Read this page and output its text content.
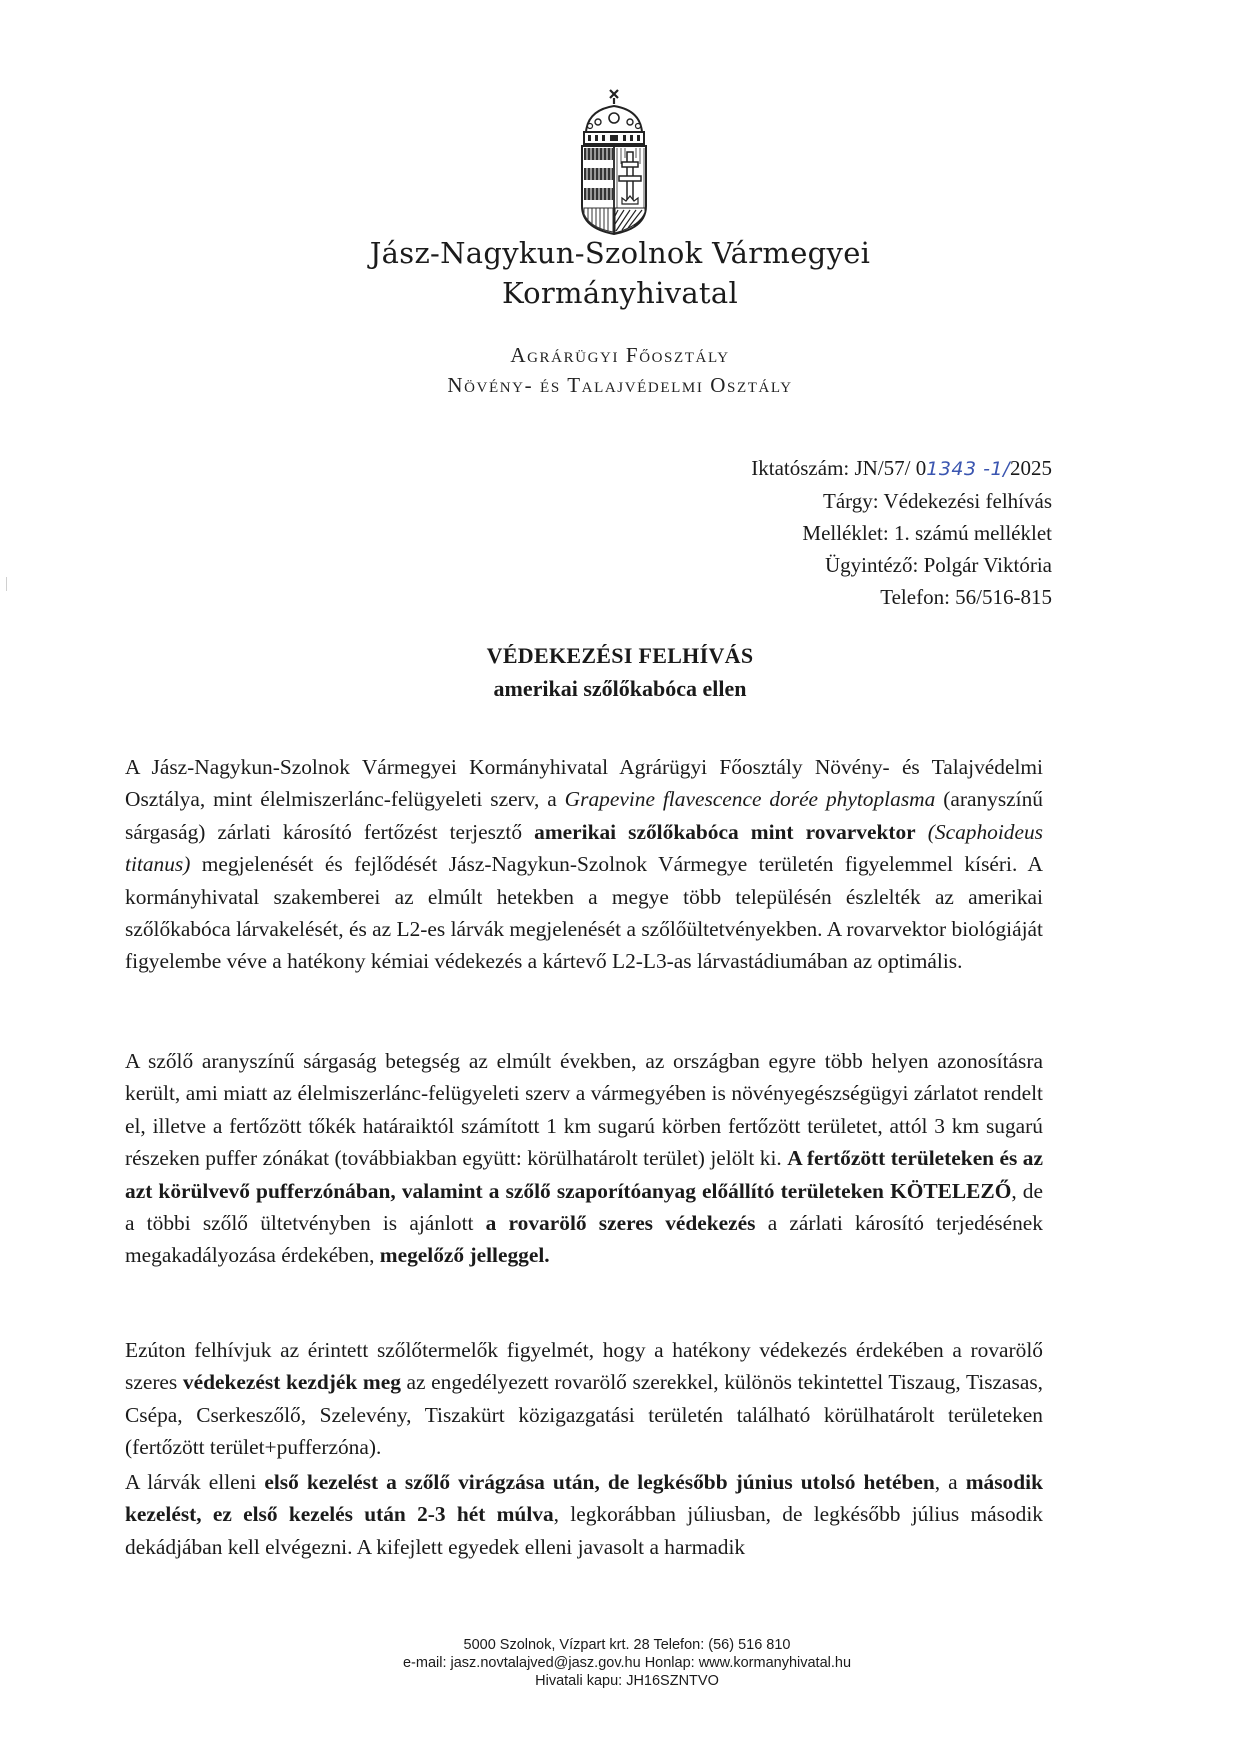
Jász-Nagykun-Szolnok Vármegyei
Kormányhivatal
Agrárügyi Főosztály
Növény- és Talajvédelmi Osztály
Iktatószám: JN/57/ 01343 -1/2025
Tárgy: Védekezési felhívás
Melléklet: 1. számú melléklet
Ügyintéző: Polgár Viktória
Telefon: 56/516-815
VÉDEKEZÉSI FELHÍVÁS
amerikai szőlőkabóca ellen

A Jász-Nagykun-Szolnok Vármegyei Kormányhivatal Agrárügyi Főosztály Növény- és Talajvédelmi Osztálya, mint élelmiszerlánc-felügyeleti szerv, a Grapevine flavescence dorée phytoplasma (aranyszínű sárgaság) zárlati károsító fertőzést terjesztő amerikai szőlőkabóca mint rovarvektor (Scaphoideus titanus) megjelenését és fejlődését Jász-Nagykun-Szolnok Vármegye területén figyelemmel kíséri. A kormányhivatal szakemberei az elmúlt hetekben a megye több településén észlelték az amerikai szőlőkabóca lárvakelését, és az L2-es lárvák megjelenését a szőlőültetvényekben. A rovarvektor biológiáját figyelembe véve a hatékony kémiai védekezés a kártevő L2-L3-as lárvastádiumában az optimális.

A szőlő aranyszínű sárgaság betegség az elmúlt években, az országban egyre több helyen azonosításra került, ami miatt az élelmiszerlánc-felügyeleti szerv a vármegyében is növényegészségügyi zárlatot rendelt el, illetve a fertőzött tőkék határaiktól számított 1 km sugarú körben fertőzött területet, attól 3 km sugarú részeken puffer zónákat (továbbiakban együtt: körülhatárolt terület) jelölt ki. A fertőzött területeken és az azt körülvevő pufferzónában, valamint a szőlő szaporítóanyag előállító területeken KÖTELEZŐ, de a többi szőlő ültetvényben is ajánlott a rovarölő szeres védekezés a zárlati károsító terjedésének megakadályozása érdekében, megelőző jelleggel.

Ezúton felhívjuk az érintett szőlőtermelők figyelmét, hogy a hatékony védekezés érdekében a rovarölő szeres védekezést kezdjék meg az engedélyezett rovarölő szerekkel, különös tekintettel Tiszaug, Tiszasas, Csépa, Cserkeszőlő, Szelevény, Tiszakürt közigazgatási területén található körülhatárolt területeken (fertőzött terület+pufferzóna).

A lárvák elleni első kezelést a szőlő virágzása után, de legkésőbb június utolsó hetében, a második kezelést, ez első kezelés után 2-3 hét múlva, legkorábban júliusban, de legkésőbb július második dekádjában kell elvégezni. A kifejlett egyedek elleni javasolt a harmadik

5000 Szolnok, Vízpart krt. 28 Telefon: (56) 516 810
e-mail: jasz.novtalajved@jasz.gov.hu Honlap: www.kormanyhivatal.hu
Hivatali kapu: JH16SZNTVO
